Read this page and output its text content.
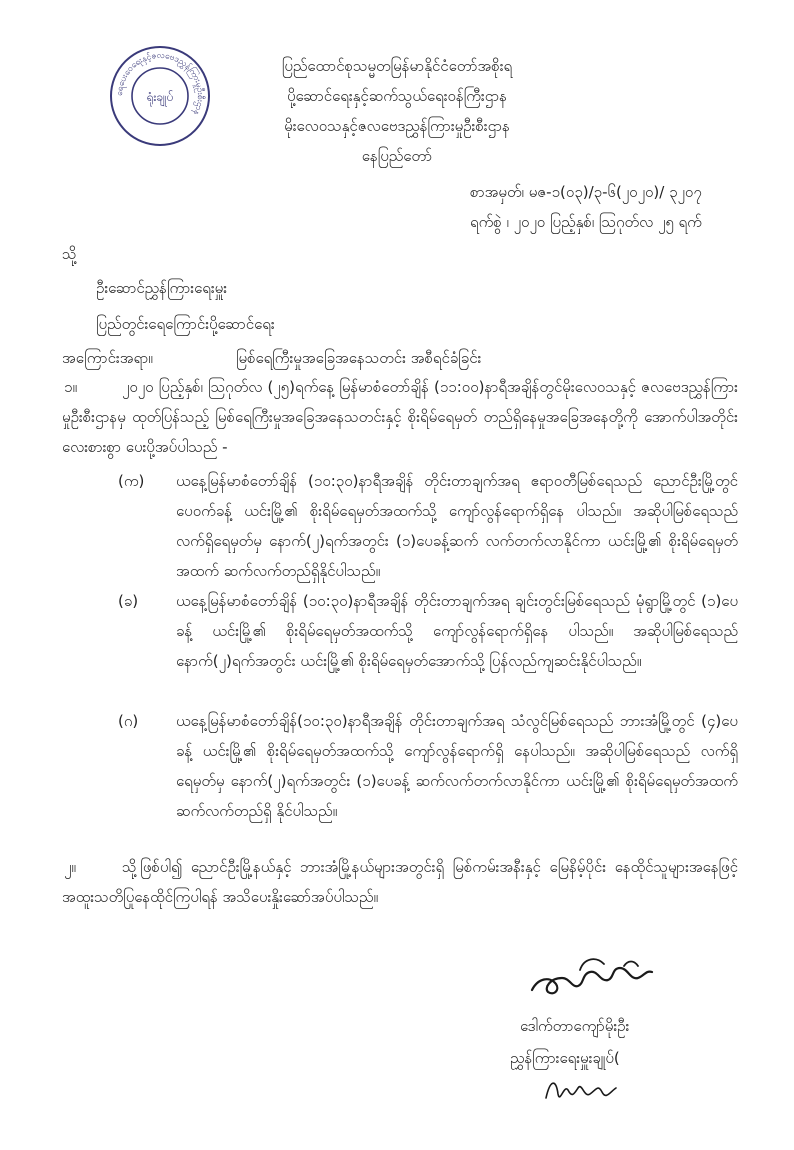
ရေပေးဝေရေးနှင့်ဇလဗေဒညွှန်ကြားမှုဦးစီးဌာန
ရုံးချုပ်
ပြည်ထောင်စုသမ္မတမြန်မာနိုင်ငံတော်အစိုးရ
ပို့ဆောင်ရေးနှင့်ဆက်သွယ်ရေးဝန်ကြီးဌာန
မိုးလေဝသနှင့်ဇလဗေဒညွှန်ကြားမှုဦးစီးဌာန
နေပြည်တော်
စာအမှတ်၊ မဇ-၁(၀၃)/၃-၆(၂၀၂၀)/ ၃၂၀၇
ရက်စွဲ ၊ ၂၀၂၀ ပြည့်နှစ်၊ ဩဂုတ်လ ၂၅ ရက်
သို့
ဦးဆောင်ညွှန်ကြားရေးမှူး
ပြည်တွင်းရေကြောင်းပို့ဆောင်ရေး
အကြောင်းအရာ။	မြစ်ရေကြီးမှုအခြေအနေသတင်း အစီရင်ခံခြင်း
၁။	၂၀၂၀ ပြည့်နှစ်၊ ဩဂုတ်လ (၂၅)ရက်နေ့ မြန်မာစံတော်ချိန် (၁၁:၀၀)နာရီအချိန်တွင်မိုးလေဝသနှင့် ဇလဗေဒညွှန်ကြားမှုဦးစီးဌာနမှ ထုတ်ပြန်သည့် မြစ်ရေကြီးမှုအခြေအနေသတင်းနှင့် စိုးရိမ်ရေမှတ် တည်ရှိနေမှုအခြေအနေတို့ကို အောက်ပါအတိုင်း လေးစားစွာ ပေးပို့အပ်ပါသည် -
(က) ယနေ့မြန်မာစံတော်ချိန် (၁၀:၃၀)နာရီအချိန် တိုင်းတာချက်အရ ဧရာဝတီမြစ်ရေသည် ညောင်ဦးမြို့တွင် ပေ၀က်ခန့် ယင်းမြို့၏ စိုးရိမ်ရေမှတ်အထက်သို့ ကျော်လွန်ရောက်ရှိနေ ပါသည်။ အဆိုပါမြစ်ရေသည် လက်ရှိရေမှတ်မှ နောက်(၂)ရက်အတွင်း (၁)ပေခန့်ဆက် လက်တက်လာနိုင်ကာ ယင်းမြို့၏ စိုးရိမ်ရေမှတ်အထက် ဆက်လက်တည်ရှိနိုင်ပါသည်။
(ခ)	ယနေ့မြန်မာစံတော်ချိန် (၁၀:၃၀)နာရီအချိန် တိုင်းတာချက်အရ ချင်းတွင်းမြစ်ရေသည် မုံရွာမြို့တွင် (၁)ပေခန့် ယင်းမြို့၏ စိုးရိမ်ရေမှတ်အထက်သို့ ကျော်လွန်ရောက်ရှိနေ ပါသည်။ အဆိုပါမြစ်ရေသည် နောက်(၂)ရက်အတွင်း ယင်းမြို့၏ စိုးရိမ်ရေမှတ်အောက်သို့ ပြန်လည်ကျဆင်းနိုင်ပါသည်။
(ဂ)	ယနေ့မြန်မာစံတော်ချိန်(၁၀:၃၀)နာရီအချိန် တိုင်းတာချက်အရ သံလွင်မြစ်ရေသည် ဘားအံမြို့တွင် (၄)ပေခန့် ယင်းမြို့၏ စိုးရိမ်ရေမှတ်အထက်သို့ ကျော်လွန်ရောက်ရှိ နေပါသည်။ အဆိုပါမြစ်ရေသည် လက်ရှိရေမှတ်မှ နောက်(၂)ရက်အတွင်း (၁)ပေခန့် ဆက်လက်တက်လာနိုင်ကာ ယင်းမြို့၏ စိုးရိမ်ရေမှတ်အထက် ဆက်လက်တည်ရှိ နိုင်ပါသည်။
၂။	သို့ဖြစ်ပါ၍ ညောင်ဦးမြို့နယ်နှင့် ဘားအံမြို့နယ်များအတွင်းရှိ မြစ်ကမ်းအနီးနှင့် မြေနိမ့်ပိုင်း နေထိုင်သူများအနေဖြင့် အထူးသတိပြုနေထိုင်ကြပါရန် အသိပေးနှိုးဆော်အပ်ပါသည်။
ဒေါက်တာကျော်မိုးဦး
ညွှန်ကြားရေးမှူးချုပ်(
